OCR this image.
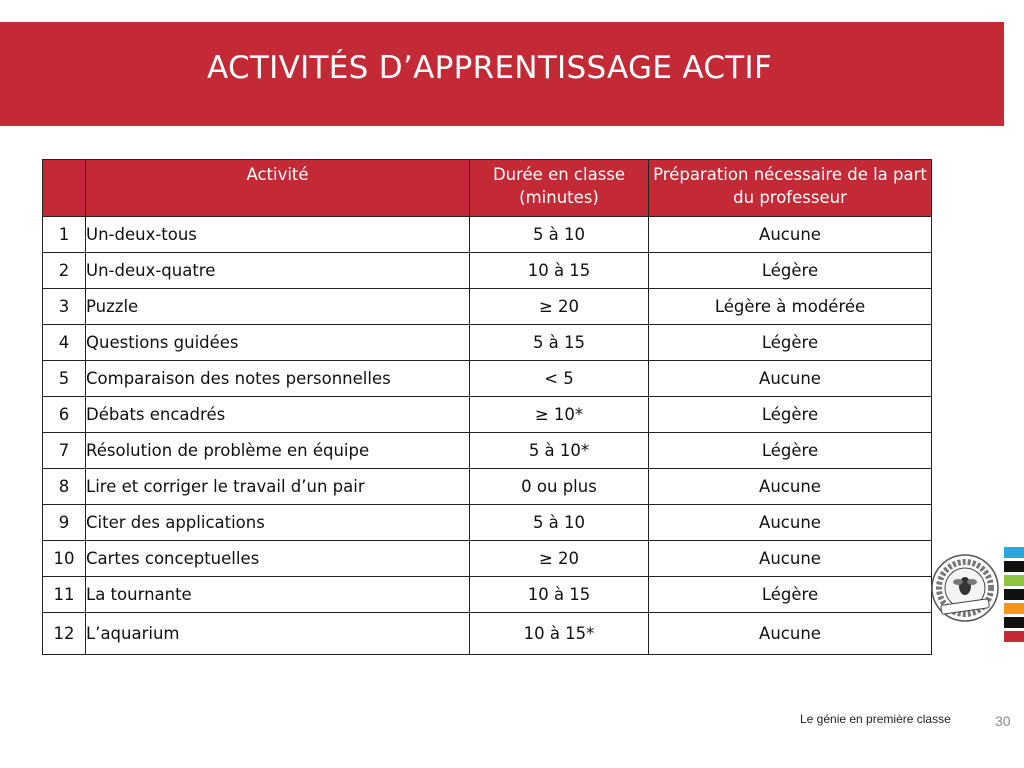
ACTIVITÉS D’APPRENTISSAGE ACTIF
	Activité	Durée en classe (minutes)	Préparation nécessaire de la part du professeur
1	Un-deux-tous	5 à 10	Aucune
2	Un-deux-quatre	10 à 15	Légère
3	Puzzle	≥ 20	Légère à modérée
4	Questions guidées	5 à 15	Légère
5	Comparaison des notes personnelles	< 5	Aucune
6	Débats encadrés	≥ 10*	Légère
7	Résolution de problème en équipe	5 à 10*	Légère
8	Lire et corriger le travail d’un pair	0 ou plus	Aucune
9	Citer des applications	5 à 10	Aucune
10	Cartes conceptuelles	≥ 20	Aucune
11	La tournante	10 à 15	Légère
12	L’aquarium	10 à 15*	Aucune
Le génie en première classe	30
